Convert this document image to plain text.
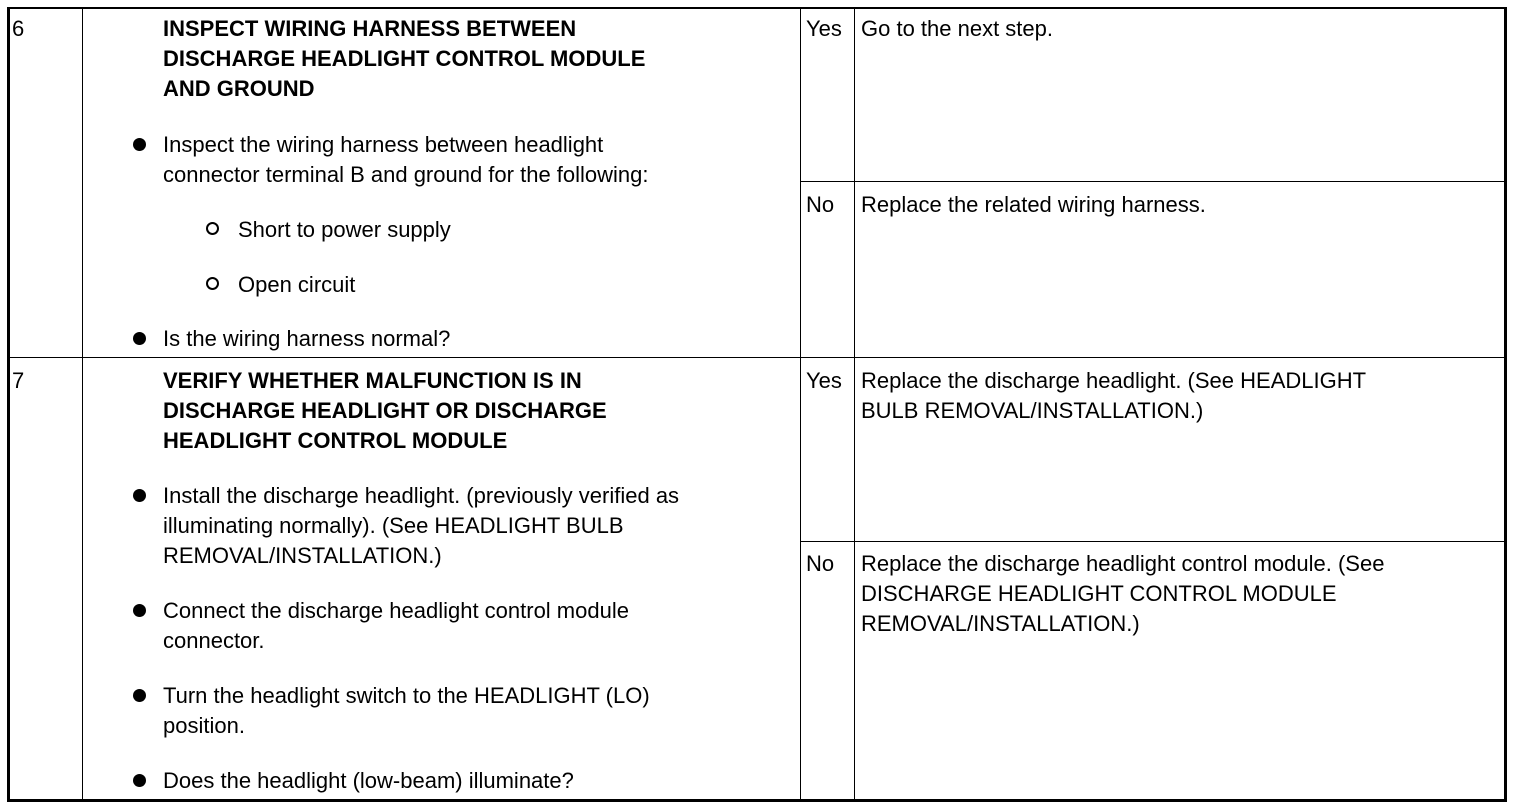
6	INSPECT WIRING HARNESS BETWEEN
DISCHARGE HEADLIGHT CONTROL MODULE
AND GROUND
Inspect the wiring harness between headlight
connector terminal B and ground for the following:
Short to power supply
Open circuit
Is the wiring harness normal?
Yes Go to the next step.
No Replace the related wiring harness.
7	VERIFY WHETHER MALFUNCTION IS IN
DISCHARGE HEADLIGHT OR DISCHARGE
HEADLIGHT CONTROL MODULE
Install the discharge headlight. (previously verified as
illuminating normally). (See HEADLIGHT BULB
REMOVAL/INSTALLATION.)
Connect the discharge headlight control module
connector.
Turn the headlight switch to the HEADLIGHT (LO)
position.
Does the headlight (low-beam) illuminate?
Yes Replace the discharge headlight. (See HEADLIGHT
BULB REMOVAL/INSTALLATION.)
No Replace the discharge headlight control module. (See
DISCHARGE HEADLIGHT CONTROL MODULE
REMOVAL/INSTALLATION.)
